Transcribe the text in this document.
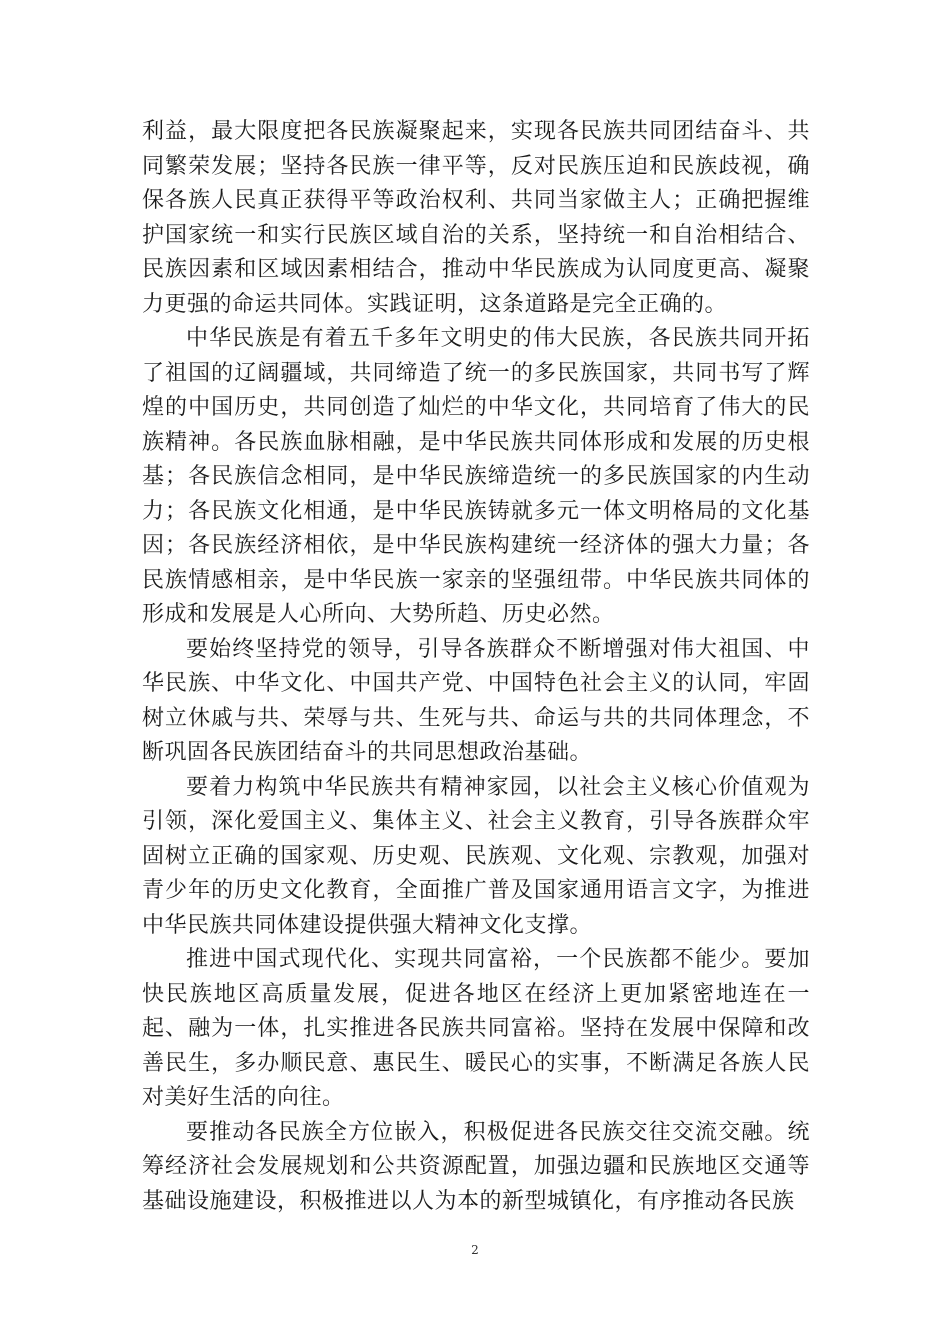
利益，最大限度把各民族凝聚起来，实现各民族共同团结奋斗、共同繁荣发展；坚持各民族一律平等，反对民族压迫和民族歧视，确保各族人民真正获得平等政治权利、共同当家做主人；正确把握维护国家统一和实行民族区域自治的关系，坚持统一和自治相结合、民族因素和区域因素相结合，推动中华民族成为认同度更高、凝聚力更强的命运共同体。实践证明，这条道路是完全正确的。

中华民族是有着五千多年文明史的伟大民族，各民族共同开拓了祖国的辽阔疆域，共同缔造了统一的多民族国家，共同书写了辉煌的中国历史，共同创造了灿烂的中华文化，共同培育了伟大的民族精神。各民族血脉相融，是中华民族共同体形成和发展的历史根基；各民族信念相同，是中华民族缔造统一的多民族国家的内生动力；各民族文化相通，是中华民族铸就多元一体文明格局的文化基因；各民族经济相依，是中华民族构建统一经济体的强大力量；各民族情感相亲，是中华民族一家亲的坚强纽带。中华民族共同体的形成和发展是人心所向、大势所趋、历史必然。

要始终坚持党的领导，引导各族群众不断增强对伟大祖国、中华民族、中华文化、中国共产党、中国特色社会主义的认同，牢固树立休戚与共、荣辱与共、生死与共、命运与共的共同体理念，不断巩固各民族团结奋斗的共同思想政治基础。

要着力构筑中华民族共有精神家园，以社会主义核心价值观为引领，深化爱国主义、集体主义、社会主义教育，引导各族群众牢固树立正确的国家观、历史观、民族观、文化观、宗教观，加强对青少年的历史文化教育，全面推广普及国家通用语言文字，为推进中华民族共同体建设提供强大精神文化支撑。

推进中国式现代化、实现共同富裕，一个民族都不能少。要加快民族地区高质量发展，促进各地区在经济上更加紧密地连在一起、融为一体，扎实推进各民族共同富裕。坚持在发展中保障和改善民生，多办顺民意、惠民生、暖民心的实事，不断满足各族人民对美好生活的向往。

要推动各民族全方位嵌入，积极促进各民族交往交流交融。统筹经济社会发展规划和公共资源配置，加强边疆和民族地区交通等基础设施建设，积极推进以人为本的新型城镇化，有序推动各民族

2
